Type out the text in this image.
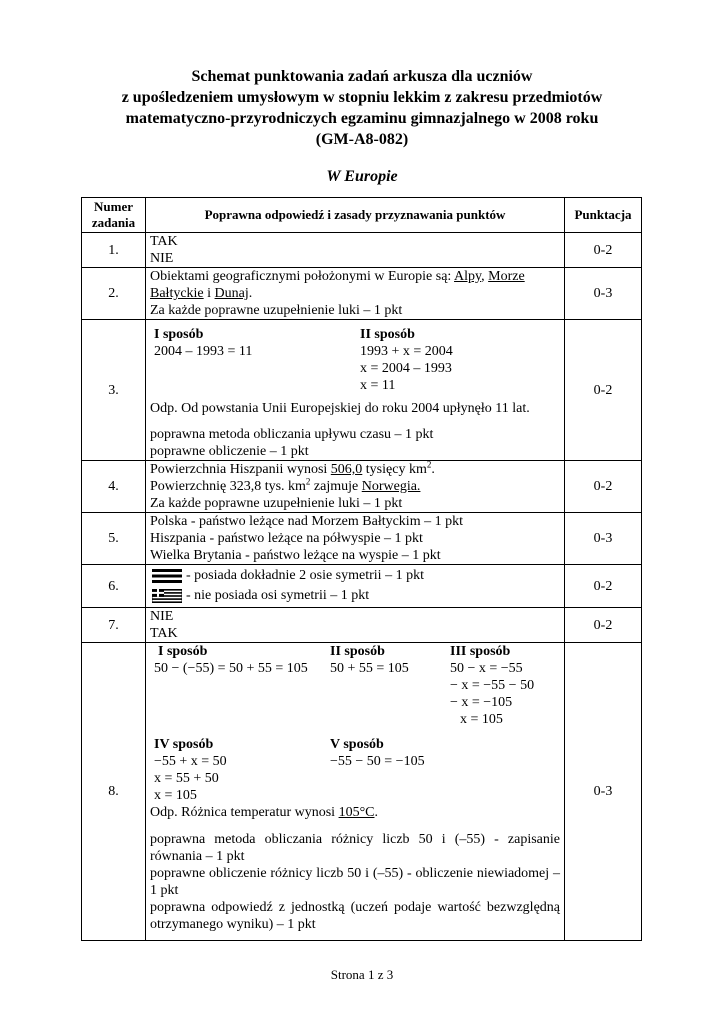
Schemat punktowania zadań arkusza dla uczniów
z upośledzeniem umysłowym w stopniu lekkim z zakresu przedmiotów
matematyczno-przyrodniczych egzaminu gimnazjalnego w 2008 roku
(GM-A8-082)
W Europie
Numer zadania
Poprawna odpowiedź i zasady przyznawania punktów	Punktacja
1.
TAK
NIE
0-2
2.
Obiektami geograficznymi położonymi w Europie są: Alpy, Morze
Bałtyckie i Dunaj.
Za każde poprawne uzupełnienie luki – 1 pkt
0-3
3.
I sposób
2004 – 1993 = 11
II sposób
1993 + x = 2004
x = 2004 – 1993
x = 11
Odp. Od powstania Unii Europejskiej do roku 2004 upłynęło 11 lat.
poprawna metoda obliczania upływu czasu – 1 pkt
poprawne obliczenie – 1 pkt
0-2
4.
Powierzchnia Hiszpanii wynosi 506,0 tysięcy $km^2$.
Powierzchnię 323,8 tys. $km^2$ zajmuje Norwegia.
Za każde poprawne uzupełnienie luki – 1 pkt
0-2
5.
Polska - państwo leżące nad Morzem Bałtyckim – 1 pkt
Hiszpania - państwo leżące na półwyspie – 1 pkt
Wielka Brytania - państwo leżące na wyspie – 1 pkt
0-3
6.
- posiada dokładnie 2 osie symetrii – 1 pkt
- nie posiada osi symetrii – 1 pkt
0-2
7.
NIE
TAK
0-2
8.
I sposób
50 − (−55) = 50 + 55 = 105
II sposób
50 + 55 = 105
III sposób
50 − x = −55
− x = −55 − 50
− x = −105
x = 105
IV sposób
−55 + x = 50
x = 55 + 50
x = 105
V sposób
−55 − 50 = −105
Odp. Różnica temperatur wynosi 105°C.
poprawna metoda obliczania różnicy liczb 50 i (–55) - zapisanie równania – 1 pkt
poprawne obliczenie różnicy liczb 50 i (–55) - obliczenie niewiadomej – 1 pkt
poprawna odpowiedź z jednostką (uczeń podaje wartość bezwzględną otrzymanego wyniku) – 1 pkt
0-3
Strona 1 z 3
